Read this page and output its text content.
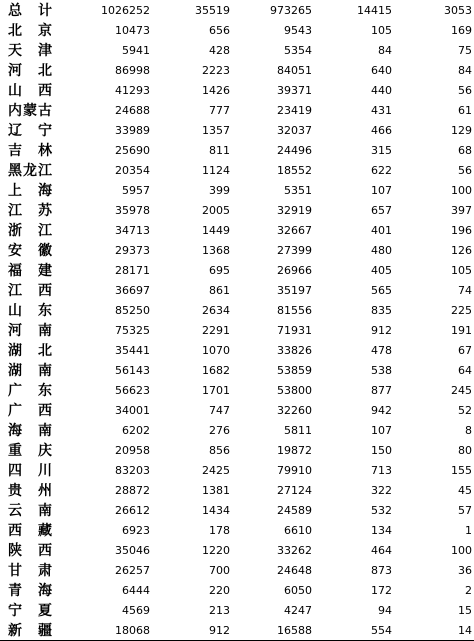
总　计	1026252	35519	973265	14415	3053
北　京	10473	656	9543	105	169
天　津	5941	428	5354	84	75
河　北	86998	2223	84051	640	84
山　西	41293	1426	39371	440	56
内蒙古	24688	777	23419	431	61
辽　宁	33989	1357	32037	466	129
吉　林	25690	811	24496	315	68
黑龙江	20354	1124	18552	622	56
上　海	5957	399	5351	107	100
江　苏	35978	2005	32919	657	397
浙　江	34713	1449	32667	401	196
安　徽	29373	1368	27399	480	126
福　建	28171	695	26966	405	105
江　西	36697	861	35197	565	74
山　东	85250	2634	81556	835	225
河　南	75325	2291	71931	912	191
湖　北	35441	1070	33826	478	67
湖　南	56143	1682	53859	538	64
广　东	56623	1701	53800	877	245
广　西	34001	747	32260	942	52
海　南	6202	276	5811	107	8
重　庆	20958	856	19872	150	80
四　川	83203	2425	79910	713	155
贵　州	28872	1381	27124	322	45
云　南	26612	1434	24589	532	57
西　藏	6923	178	6610	134	1
陕　西	35046	1220	33262	464	100
甘　肃	26257	700	24648	873	36
青　海	6444	220	6050	172	2
宁　夏	4569	213	4247	94	15
新　疆	18068	912	16588	554	14
